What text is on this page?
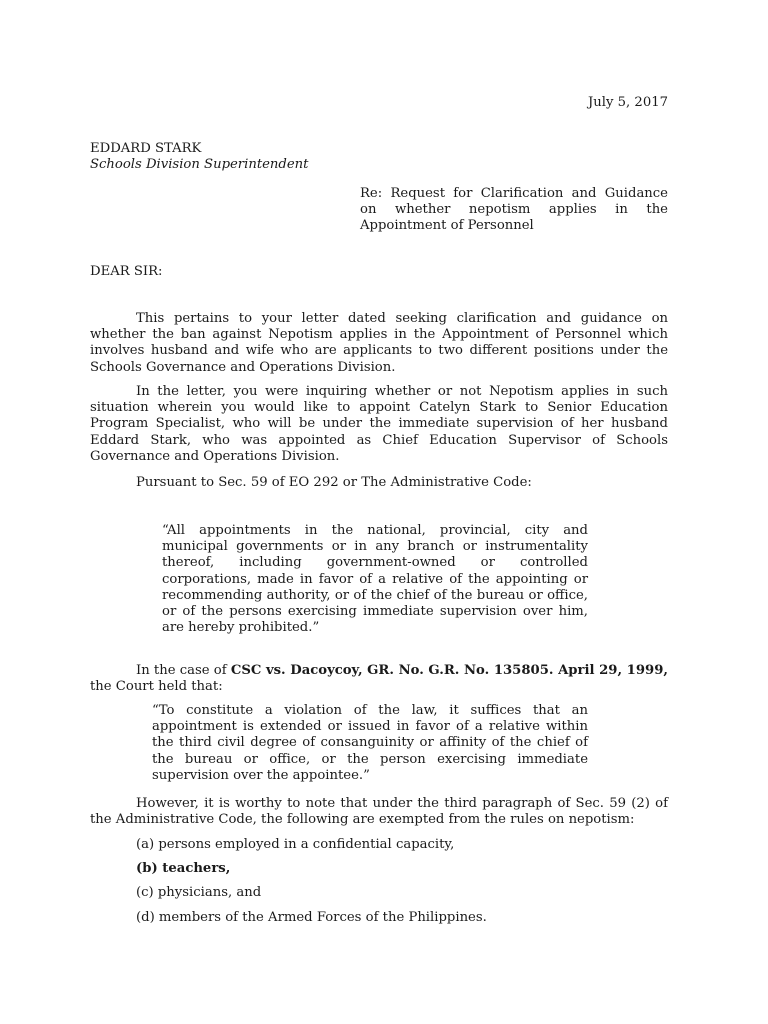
July 5, 2017
EDDARD STARK
Schools Division Superintendent
Re: Request for Clarification and Guidance on whether nepotism applies in the Appointment of Personnel
DEAR SIR:
This pertains to your letter dated seeking clarification and guidance on whether the ban against Nepotism applies in the Appointment of Personnel which involves husband and wife who are applicants to two different positions under the Schools Governance and Operations Division.
In the letter, you were inquiring whether or not Nepotism applies in such situation wherein you would like to appoint Catelyn Stark to Senior Education Program Specialist, who will be under the immediate supervision of her husband Eddard Stark, who was appointed as Chief Education Supervisor of Schools Governance and Operations Division.
Pursuant to Sec. 59 of EO 292 or The Administrative Code:
“All appointments in the national, provincial, city and municipal governments or in any branch or instrumentality thereof, including government-owned or controlled corporations, made in favor of a relative of the appointing or recommending authority, or of the chief of the bureau or office, or of the persons exercising immediate supervision over him, are hereby prohibited.”
In the case of CSC vs. Dacoycoy, GR. No. G.R. No. 135805. April 29, 1999, the Court held that:
“To constitute a violation of the law, it suffices that an appointment is extended or issued in favor of a relative within the third civil degree of consanguinity or affinity of the chief of the bureau or office, or the person exercising immediate supervision over the appointee.”
However, it is worthy to note that under the third paragraph of Sec. 59 (2) of the Administrative Code, the following are exempted from the rules on nepotism:
(a) persons employed in a confidential capacity,
(b) teachers,
(c) physicians, and
(d) members of the Armed Forces of the Philippines.
